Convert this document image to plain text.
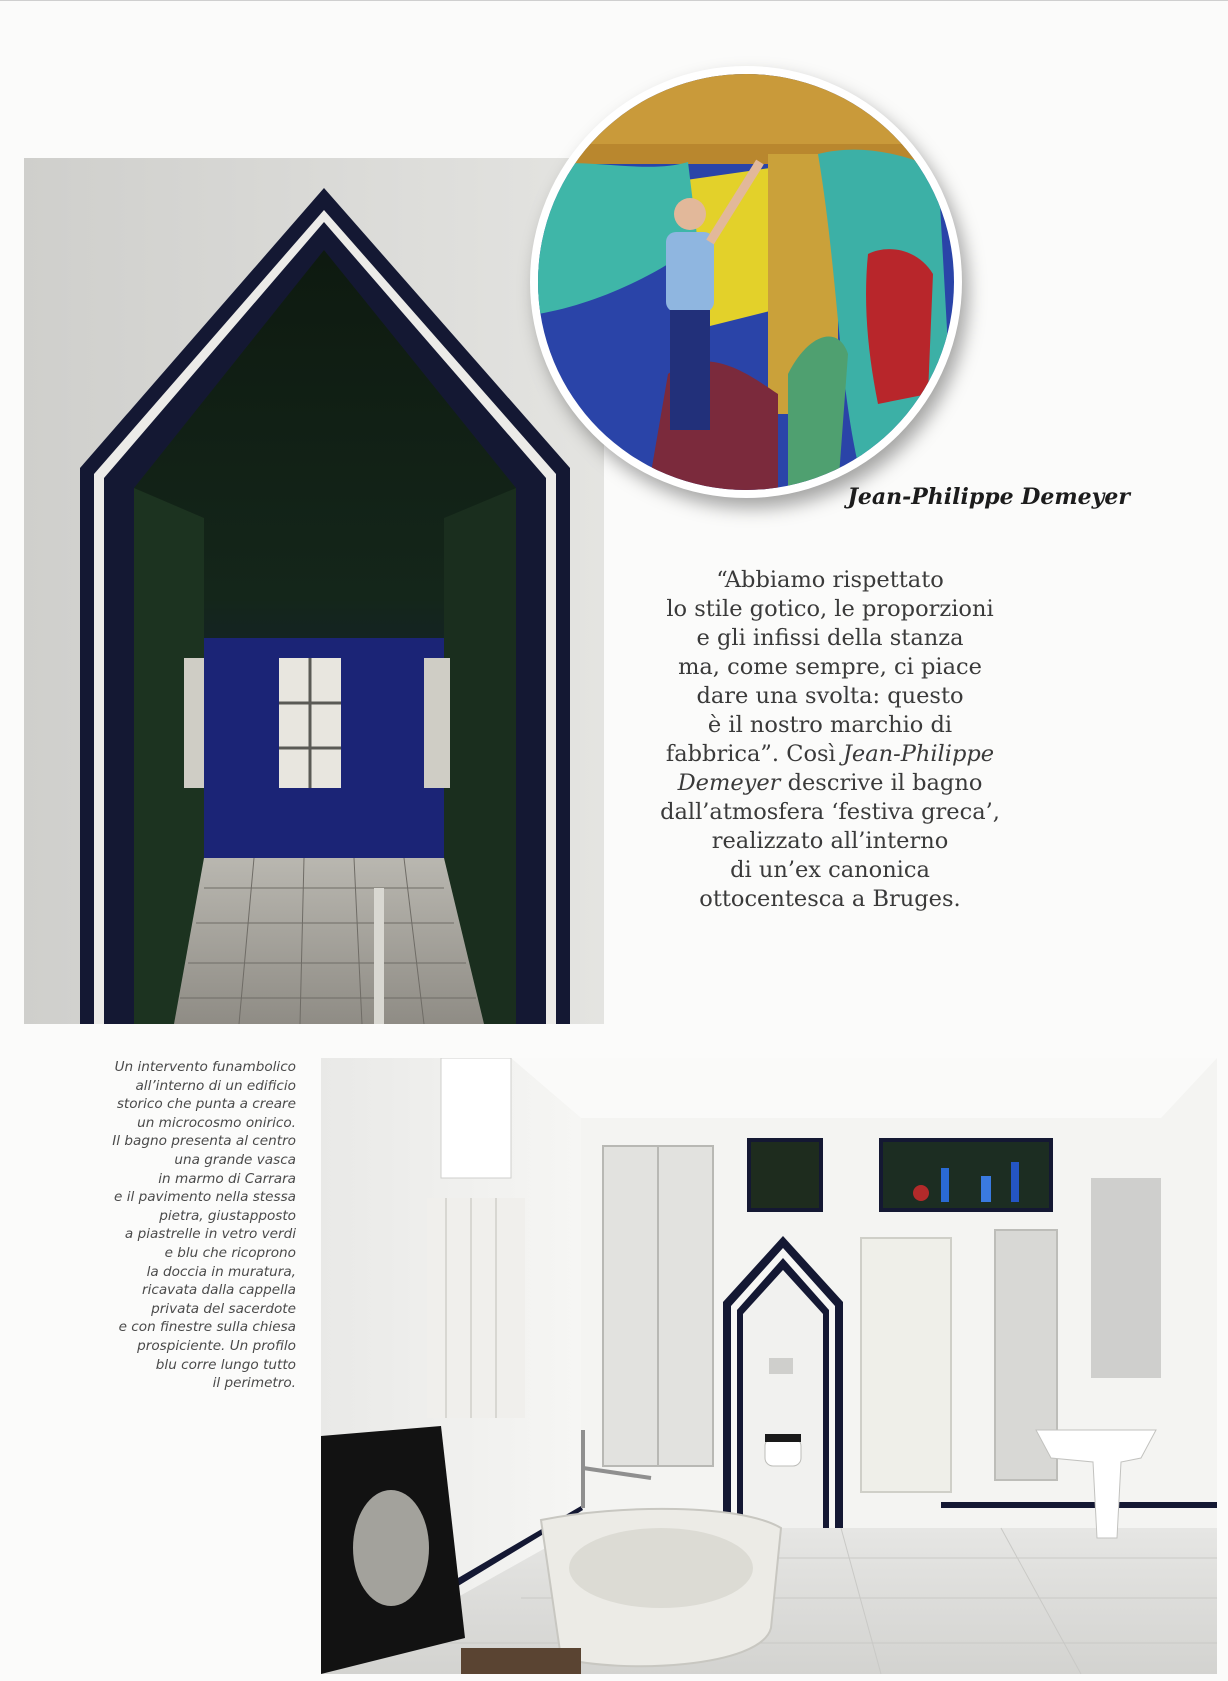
Jean-Philippe Demeyer
“Abbiamo rispettato
lo stile gotico, le proporzioni
e gli infissi della stanza
ma, come sempre, ci piace
dare una svolta: questo
è il nostro marchio di
fabbrica”. Così Jean-Philippe
Demeyer descrive il bagno
dall’atmosfera ‘festiva greca’,
realizzato all’interno
di un’ex canonica
ottocentesca a Bruges.
Un intervento funambolico
all’interno di un edificio
storico che punta a creare
un microcosmo onirico.
Il bagno presenta al centro
una grande vasca
in marmo di Carrara
e il pavimento nella stessa
pietra, giustapposto
a piastrelle in vetro verdi
e blu che ricoprono
la doccia in muratura,
ricavata dalla cappella
privata del sacerdote
e con finestre sulla chiesa
prospiciente. Un profilo
blu corre lungo tutto
il perimetro.
